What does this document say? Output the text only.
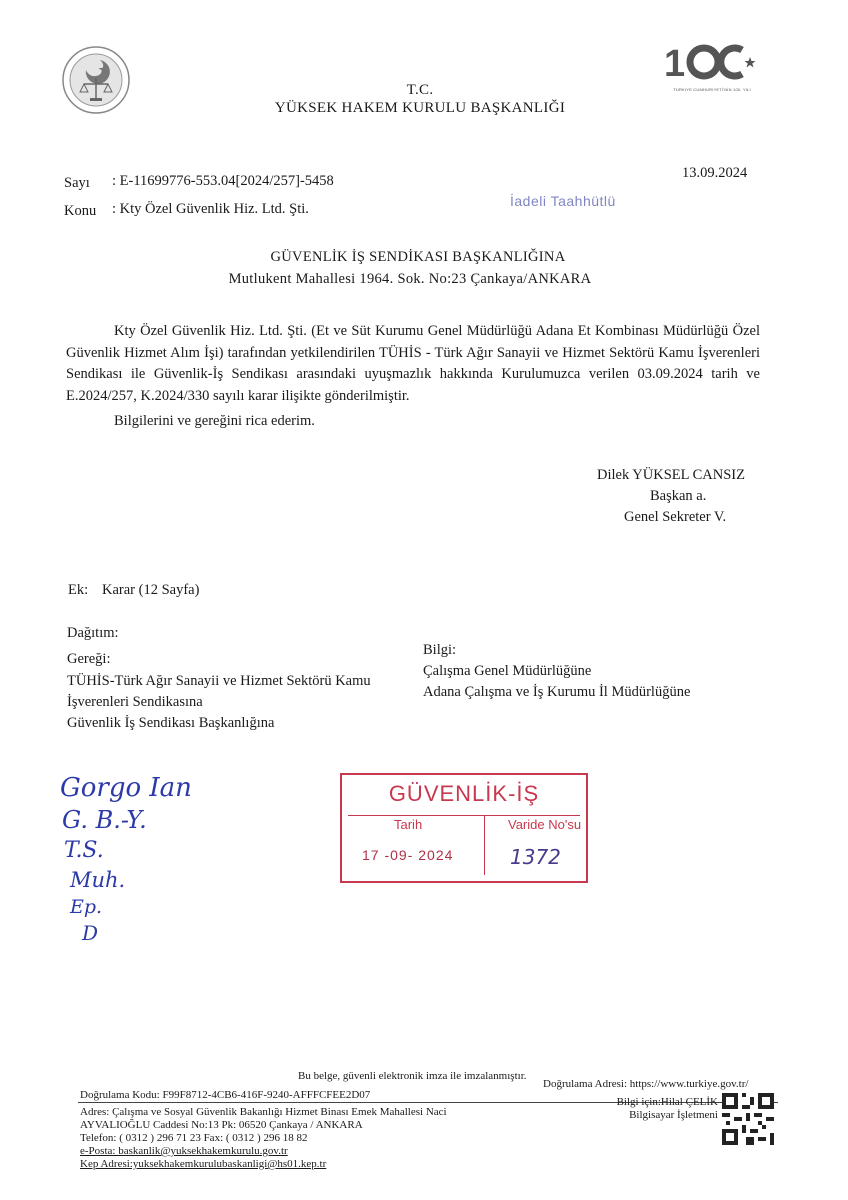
1
TÜRKİYE CUMHURİYETİ'NİN 100. YILI
T.C.
YÜKSEK HAKEM KURULU BAŞKANLIĞI
Sayı : E-11699776-553.04[2024/257]-5458
Konu : Kty Özel Güvenlik Hiz. Ltd. Şti.
13.09.2024
İadeli Taahhütlü
GÜVENLİK İŞ SENDİKASI BAŞKANLIĞINA
Mutlukent Mahallesi 1964. Sok. No:23 Çankaya/ANKARA

Kty Özel Güvenlik Hiz. Ltd. Şti. (Et ve Süt Kurumu Genel Müdürlüğü Adana Et Kombinası Müdürlüğü Özel Güvenlik Hizmet Alım İşi) tarafından yetkilendirilen TÜHİS - Türk Ağır Sanayii ve Hizmet Sektörü Kamu İşverenleri Sendikası ile Güvenlik-İş Sendikası arasındaki uyuşmazlık hakkında Kurulumuzca verilen 03.09.2024 tarih ve E.2024/257, K.2024/330 sayılı karar ilişikte gönderilmiştir.

Bilgilerini ve gereğini rica ederim.

Dilek YÜKSEL CANSIZ
Başkan a.
Genel Sekreter V.
Ek: Karar (12 Sayfa)
Dağıtım:
Gereği:
TÜHİS-Türk Ağır Sanayii ve Hizmet Sektörü Kamu
İşverenleri Sendikasına
Güvenlik İş Sendikası Başkanlığına
Bilgi:
Çalışma Genel Müdürlüğüne
Adana Çalışma ve İş Kurumu İl Müdürlüğüne
Gorgo Ian
G. B.-Y.
T.S.
Muh.
Ep.
D
GÜVENLİK-İŞ
Tarih	Varide No'su
17 -09- 2024	1372
Bu belge, güvenli elektronik imza ile imzalanmıştır.
Doğrulama Kodu: F99F8712-4CB6-416F-9240-AFFFCFEE2D07
Doğrulama Adresi: https://www.turkiye.gov.tr/
Adres: Çalışma ve Sosyal Güvenlik Bakanlığı Hizmet Binası Emek Mahallesi Naci
AYVALIOĞLU Caddesi No:13 Pk: 06520 Çankaya / ANKARA
Telefon: ( 0312 ) 296 71 23 Fax: ( 0312 ) 296 18 82
e-Posta: baskanlik@yuksekhakemkurulu.gov.tr
Kep Adresi:yuksekhakemkurulubaskanligi@hs01.kep.tr
Bilgi için:Hilal ÇELİK
Bilgisayar İşletmeni
